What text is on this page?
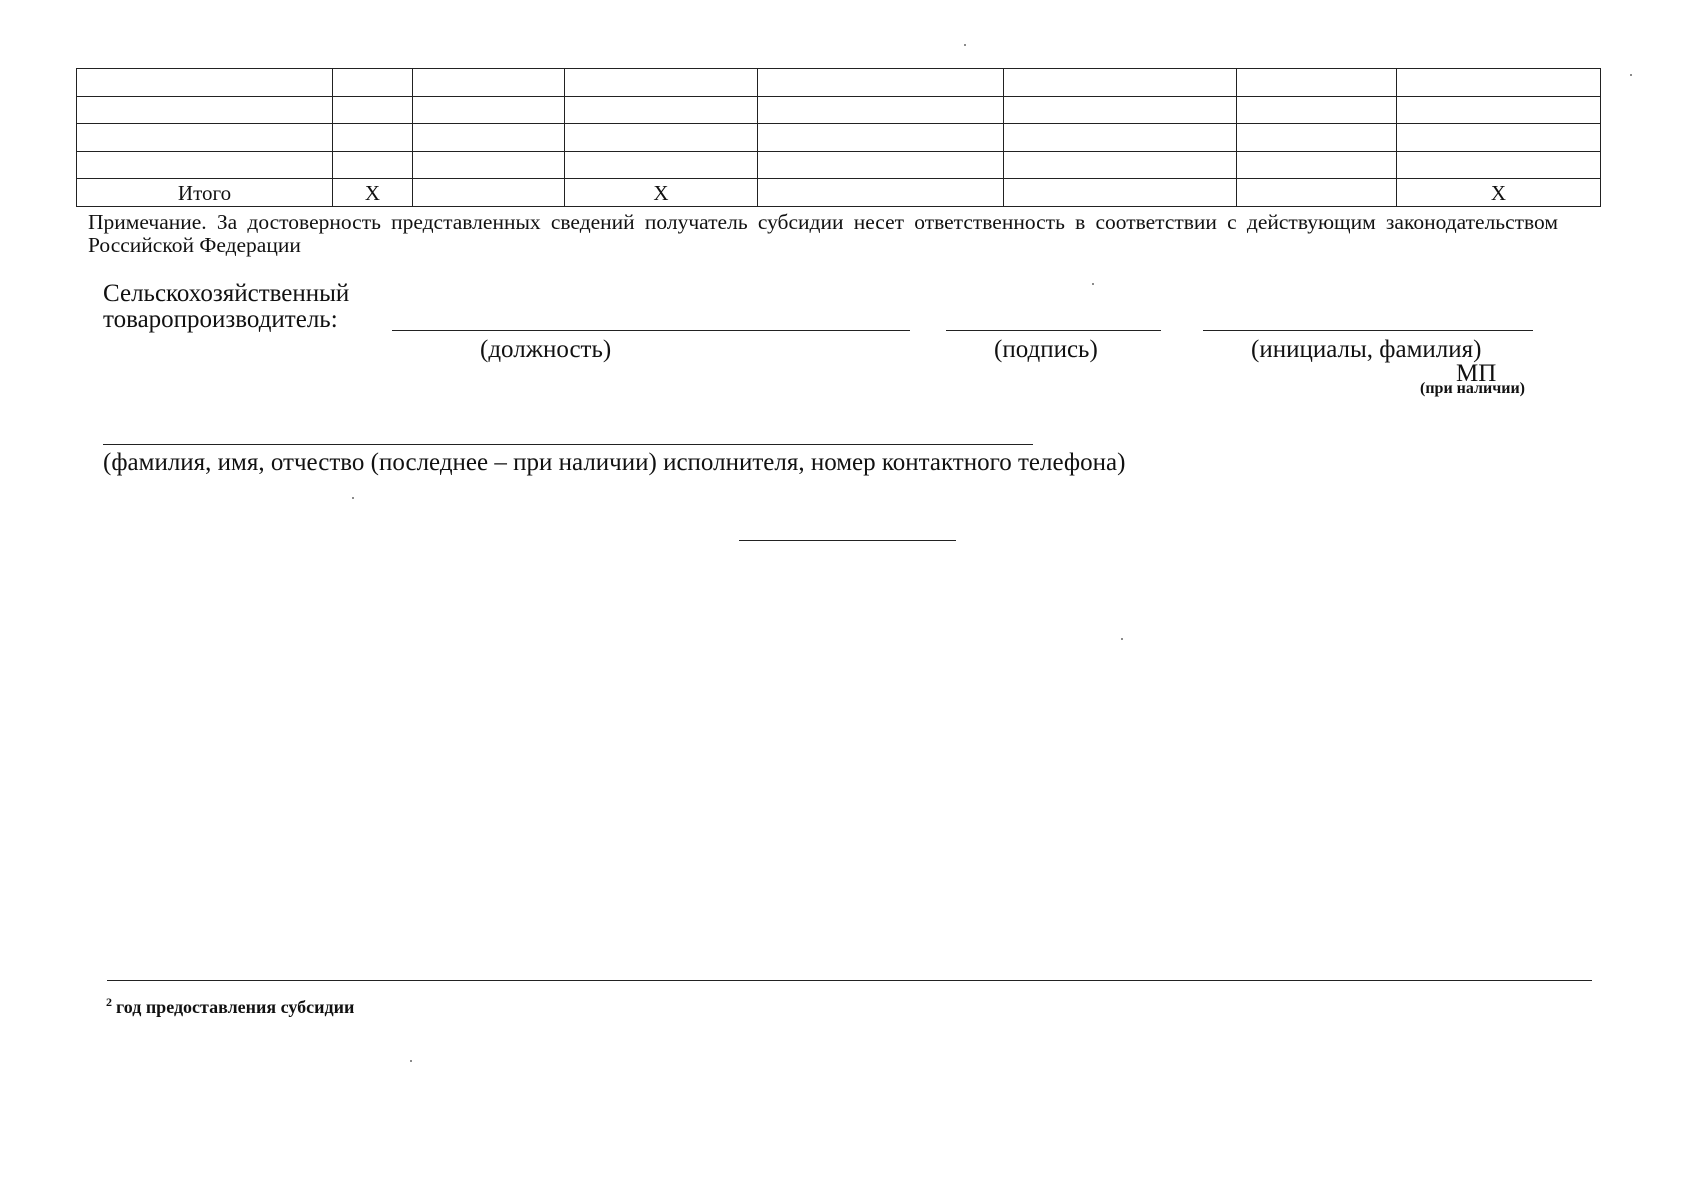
Итого	X		X				X
Примечание. За достоверность представленных сведений получатель субсидии несет ответственность в соответствии с действующим законодательством Российской Федерации
Сельскохозяйственный
товаропроизводитель:
(должность)	(подпись)	(инициалы, фамилия)
МП
(при наличии)
(фамилия, имя, отчество (последнее – при наличии) исполнителя, номер контактного телефона)
$^2$ год предоставления субсидии
